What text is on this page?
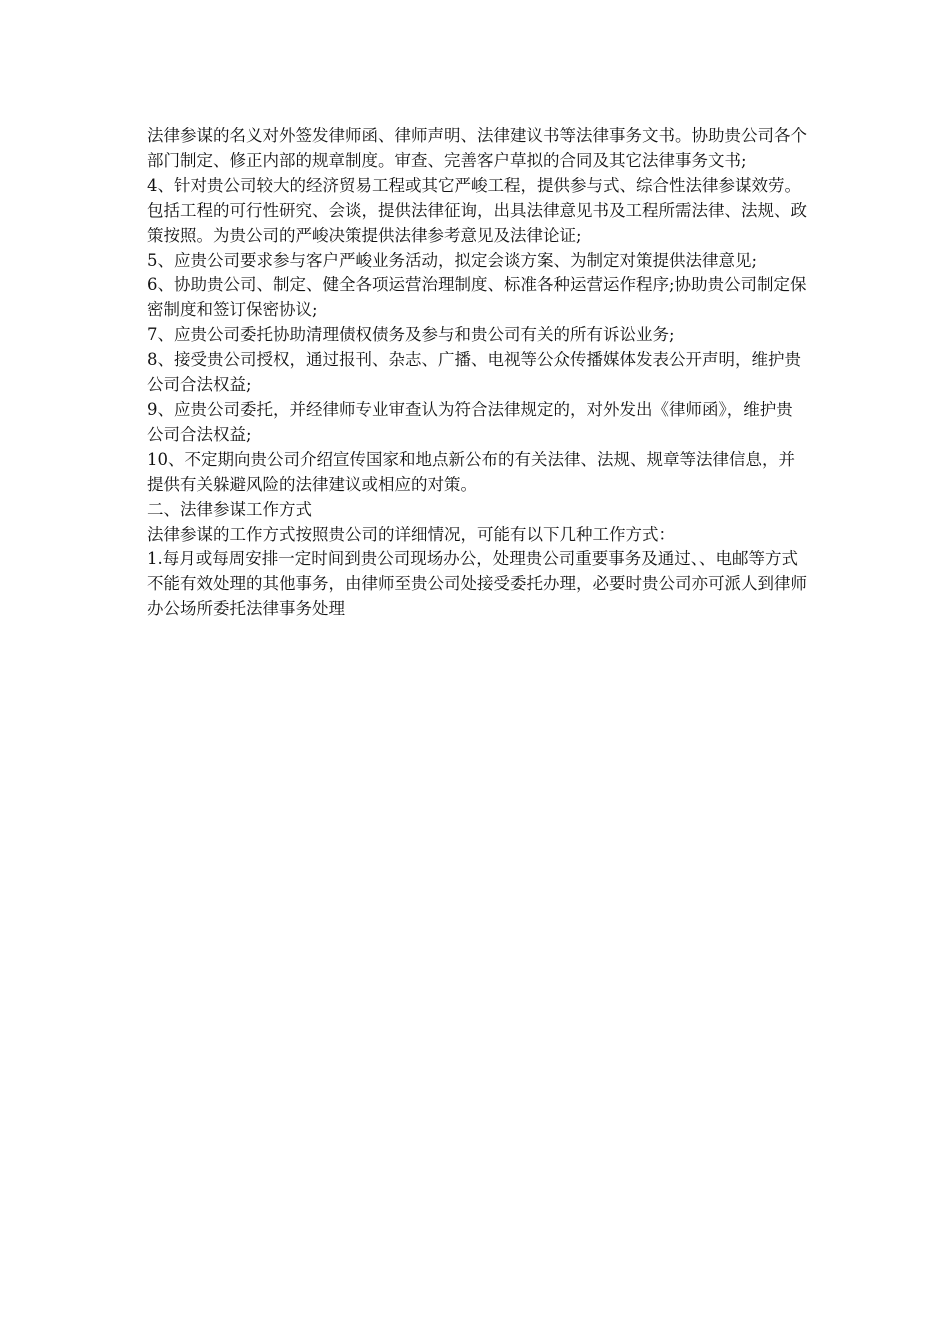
法律参谋的名义对外签发律师函、律师声明、法律建议书等法律事务文书。协助贵公司各个部门制定、修正内部的规章制度。审查、完善客户草拟的合同及其它法律事务文书;

4、针对贵公司较大的经济贸易工程或其它严峻工程，提供参与式、综合性法律参谋效劳。包括工程的可行性研究、会谈，提供法律征询，出具法律意见书及工程所需法律、法规、政策按照。为贵公司的严峻决策提供法律参考意见及法律论证;

5、应贵公司要求参与客户严峻业务活动，拟定会谈方案、为制定对策提供法律意见;

6、协助贵公司、制定、健全各项运营治理制度、标准各种运营运作程序;协助贵公司制定保密制度和签订保密协议;

7、应贵公司委托协助清理债权债务及参与和贵公司有关的所有诉讼业务;

8、接受贵公司授权，通过报刊、杂志、广播、电视等公众传播媒体发表公开声明，维护贵公司合法权益;

9、应贵公司委托，并经律师专业审查认为符合法律规定的，对外发出《律师函》，维护贵公司合法权益;

10、不定期向贵公司介绍宣传国家和地点新公布的有关法律、法规、规章等法律信息，并提供有关躲避风险的法律建议或相应的对策。

二、法律参谋工作方式

法律参谋的工作方式按照贵公司的详细情况，可能有以下几种工作方式：

1.每月或每周安排一定时间到贵公司现场办公，处理贵公司重要事务及通过、、电邮等方式不能有效处理的其他事务，由律师至贵公司处接受委托办理，必要时贵公司亦可派人到律师办公场所委托法律事务处理
